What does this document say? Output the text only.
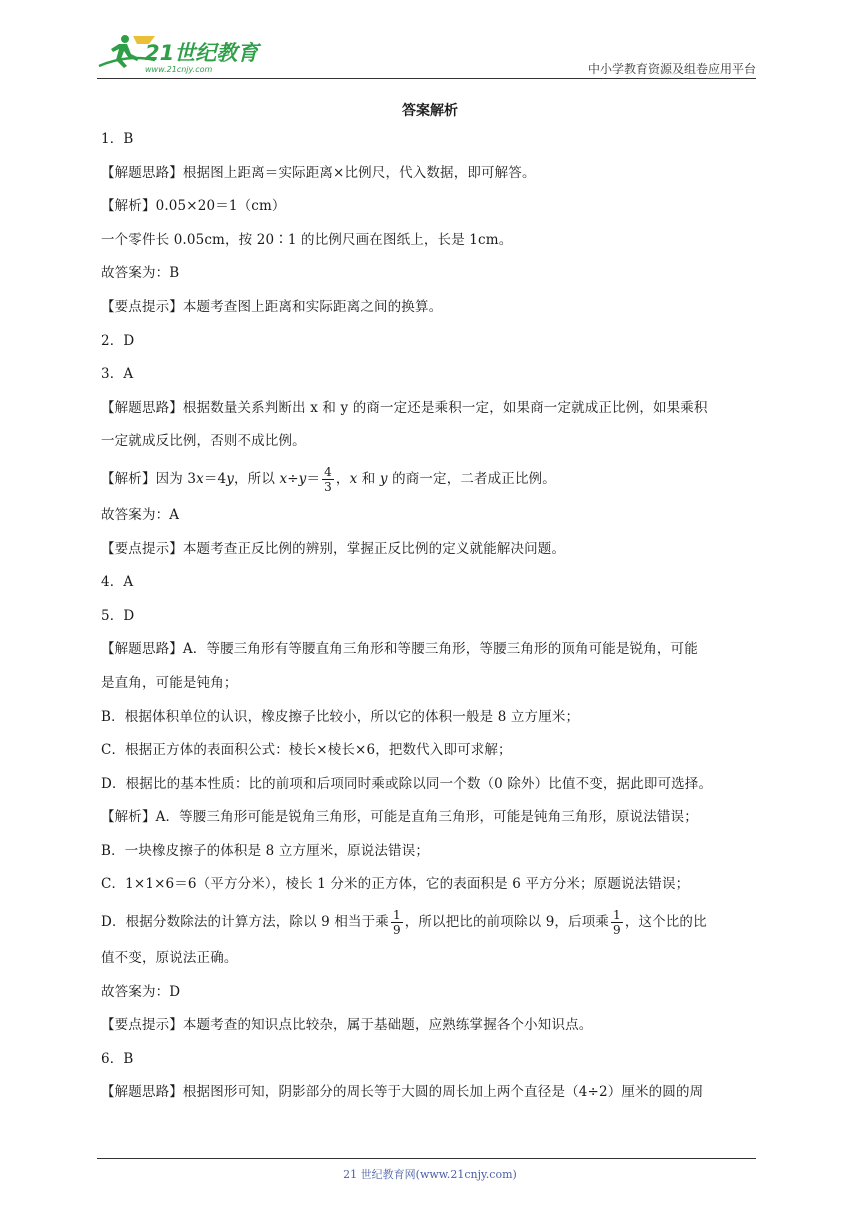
21世纪教育
www.21cnjy.com	中小学教育资源及组卷应用平台
答案解析
1．B
【解题思路】根据图上距离＝实际距离×比例尺，代入数据，即可解答。
【解析】0.05×20＝1（cm）
一个零件长 0.05cm，按 20∶1 的比例尺画在图纸上，长是 1cm。
故答案为：B
【要点提示】本题考查图上距离和实际距离之间的换算。
2．D
3．A
【解题思路】根据数量关系判断出 x 和 y 的商一定还是乘积一定，如果商一定就成正比例，如果乘积
一定就成反比例，否则不成比例。
【解析】因为 3x＝4y，所以 $x\div y= \frac{4}{3}$ ，x 和 y 的商一定，二者成正比例。
故答案为：A
【要点提示】本题考查正反比例的辨别，掌握正反比例的定义就能解决问题。
4．A
5．D
【解题思路】A．等腰三角形有等腰直角三角形和等腰三角形，等腰三角形的顶角可能是锐角，可能
是直角，可能是钝角；
B．根据体积单位的认识，橡皮擦子比较小，所以它的体积一般是 8 立方厘米；
C．根据正方体的表面积公式：棱长×棱长×6，把数代入即可求解；
D．根据比的基本性质：比的前项和后项同时乘或除以同一个数（0 除外）比值不变，据此即可选择。
【解析】A．等腰三角形可能是锐角三角形，可能是直角三角形，可能是钝角三角形，原说法错误；
B．一块橡皮擦子的体积是 8 立方厘米，原说法错误；
C．1×1×6＝6（平方分米），棱长 1 分米的正方体，它的表面积是 6 平方分米；原题说法错误；
D．根据分数除法的计算方法，除以 9 相当于乘 $\frac{1}{9}$ ，所以把比的前项除以 9，后项乘 $\frac{1}{9}$ ，这个比的比
值不变，原说法正确。
故答案为：D
【要点提示】本题考查的知识点比较杂，属于基础题，应熟练掌握各个小知识点。
6．B
【解题思路】根据图形可知，阴影部分的周长等于大圆的周长加上两个直径是（4÷2）厘米的圆的周
21 世纪教育网(www.21cnjy.com)
